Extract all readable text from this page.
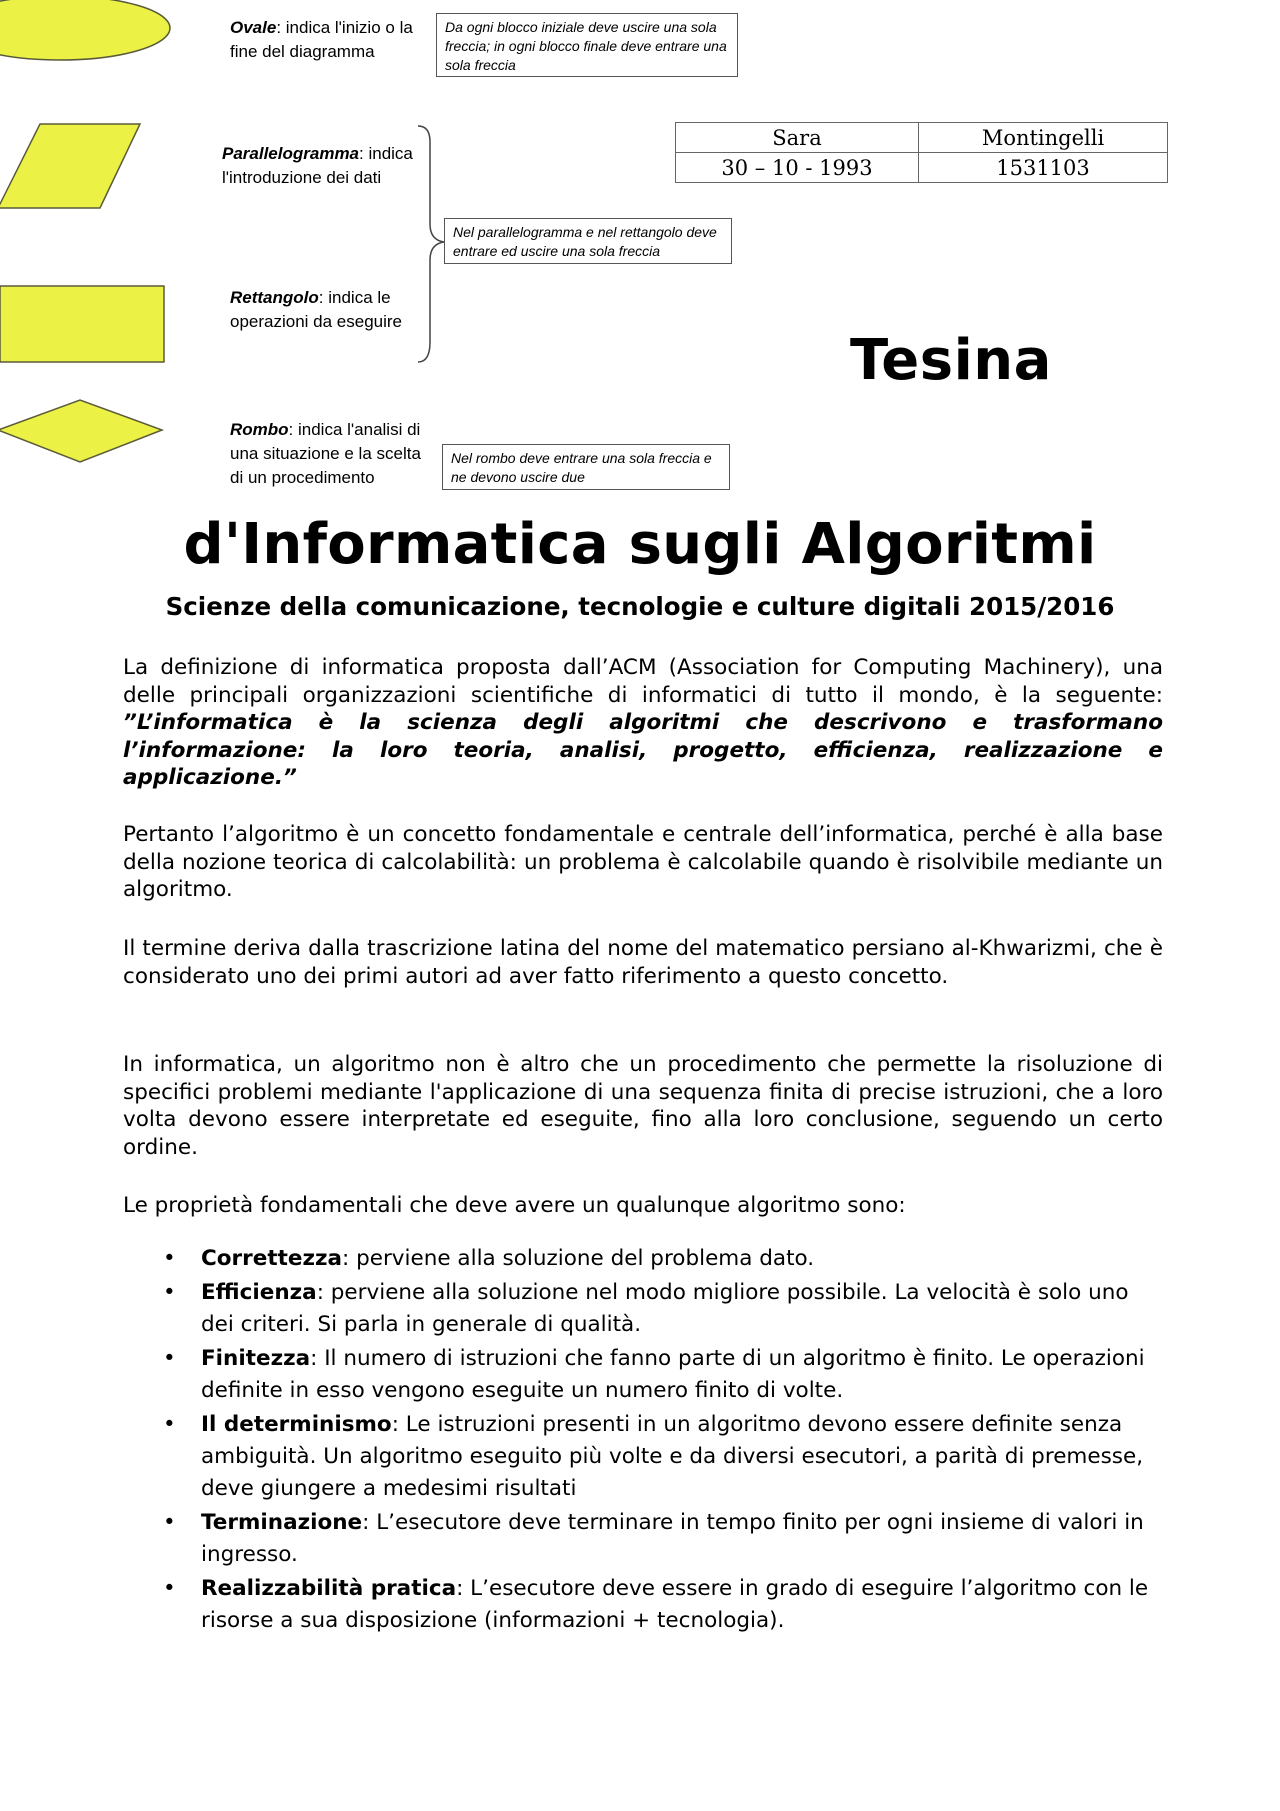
Ovale: indica l'inizio o la fine del diagramma
Da ogni blocco iniziale deve uscire una sola freccia; in ogni blocco finale deve entrare una sola freccia
Parallelogramma: indica l'introduzione dei dati
Rettangolo: indica le operazioni da eseguire
Nel parallelogramma e nel rettangolo deve entrare ed uscire una sola freccia
Rombo: indica l'analisi di una situazione e la scelta di un procedimento
Nel rombo deve entrare una sola freccia e ne devono uscire due
Sara	Montingelli
30 – 10 - 1993	1531103
Tesina
d'Informatica sugli Algoritmi
Scienze della comunicazione, tecnologie e culture digitali 2015/2016
La definizione di informatica proposta dall’ACM (Association for Computing Machinery), una delle principali organizzazioni scientifiche di informatici di tutto il mondo, è la seguente: ”L’informatica è la scienza degli algoritmi che descrivono e trasformano l’informazione: la loro teoria, analisi, progetto, efficienza, realizzazione e applicazione.”
Pertanto l’algoritmo è un concetto fondamentale e centrale dell’informatica, perché è alla base della nozione teorica di calcolabilità: un problema è calcolabile quando è risolvibile mediante un algoritmo.
Il termine deriva dalla trascrizione latina del nome del matematico persiano al-Khwarizmi, che è considerato uno dei primi autori ad aver fatto riferimento a questo concetto.
In informatica, un algoritmo non è altro che un procedimento che permette la risoluzione di specifici problemi mediante l'applicazione di una sequenza finita di precise istruzioni, che a loro volta devono essere interpretate ed eseguite, fino alla loro conclusione, seguendo un certo ordine.
Le proprietà fondamentali che deve avere un qualunque algoritmo sono:
• Correttezza: perviene alla soluzione del problema dato.
• Efficienza: perviene alla soluzione nel modo migliore possibile. La velocità è solo uno dei criteri. Si parla in generale di qualità.
• Finitezza: Il numero di istruzioni che fanno parte di un algoritmo è finito. Le operazioni definite in esso vengono eseguite un numero finito di volte.
• Il determinismo: Le istruzioni presenti in un algoritmo devono essere definite senza ambiguità. Un algoritmo eseguito più volte e da diversi esecutori, a parità di premesse, deve giungere a medesimi risultati
• Terminazione: L’esecutore deve terminare in tempo finito per ogni insieme di valori in ingresso.
• Realizzabilità pratica: L’esecutore deve essere in grado di eseguire l’algoritmo con le risorse a sua disposizione (informazioni + tecnologia).
